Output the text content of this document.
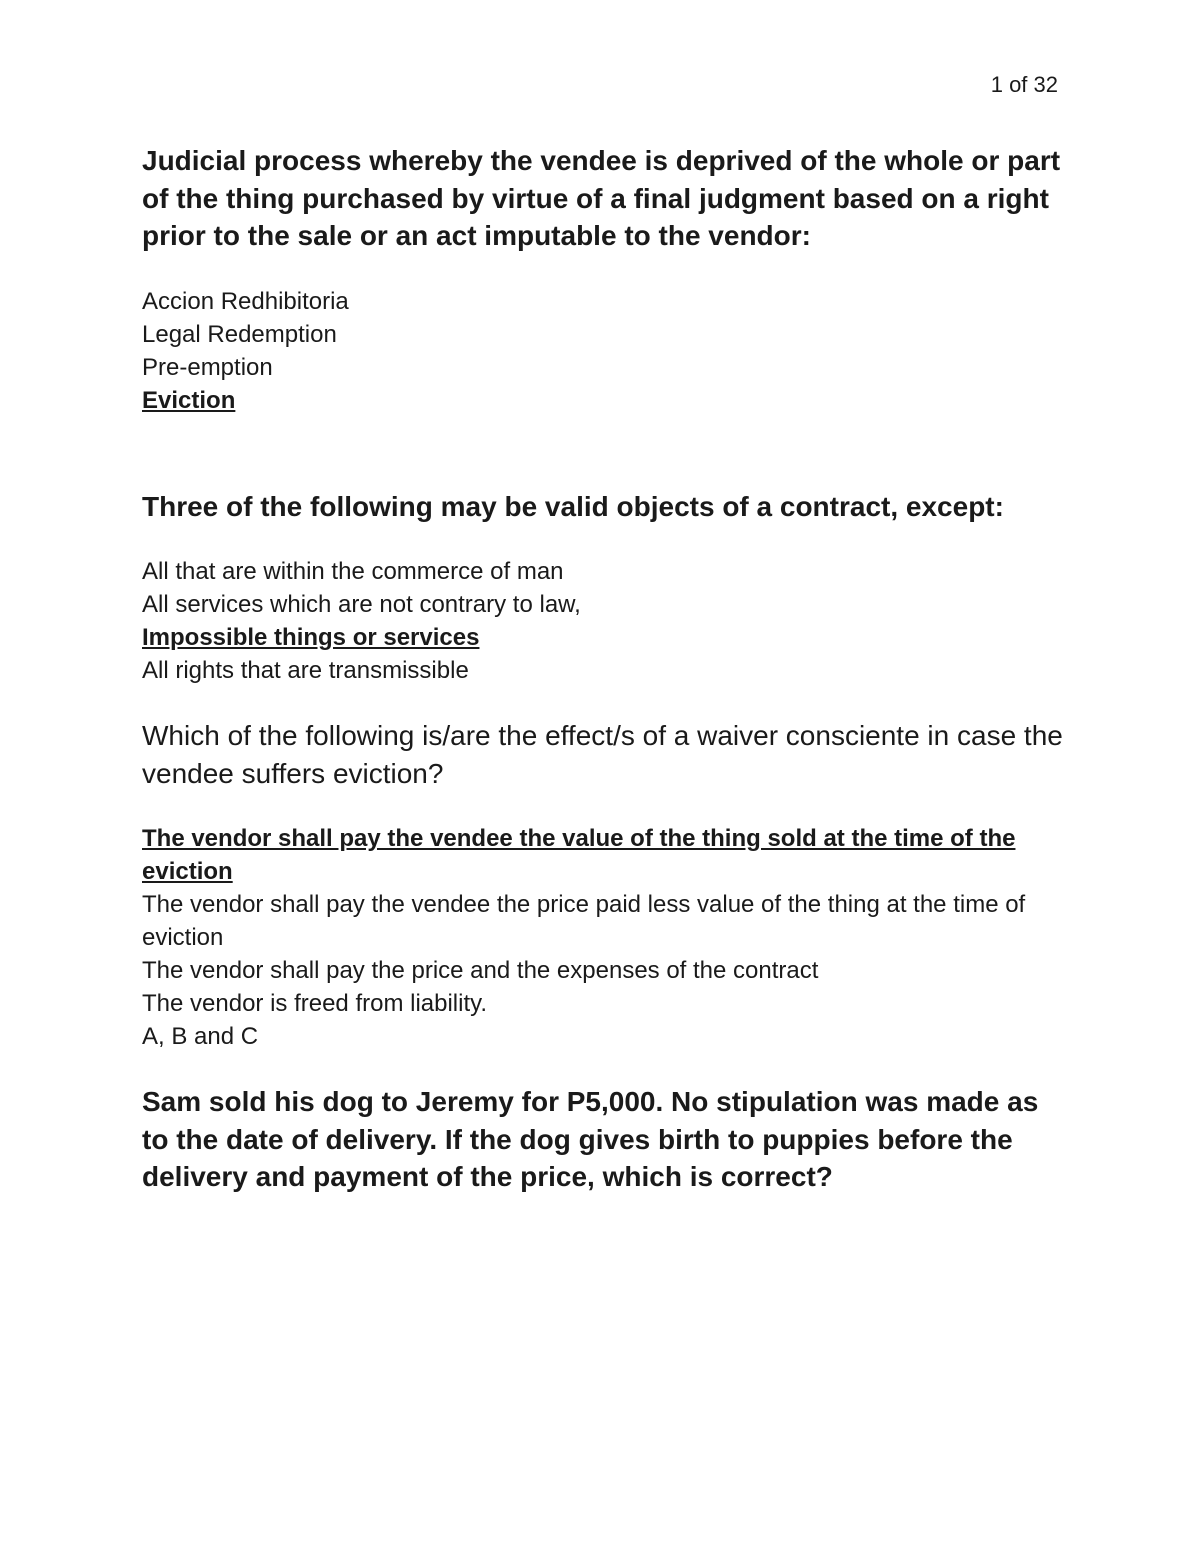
1 of 32

Judicial process whereby the vendee is deprived of the whole or part of the thing purchased by virtue of a final judgment based on a right prior to the sale or an act imputable to the vendor:

Accion Redhibitoria
Legal Redemption
Pre-emption
Eviction

Three of the following may be valid objects of a contract, except:

All that are within the commerce of man
All services which are not contrary to law,
Impossible things or services
All rights that are transmissible

Which of the following is/are the effect/s of a waiver consciente in case the vendee suffers eviction?

The vendor shall pay the vendee the value of the thing sold at the time of the eviction
The vendor shall pay the vendee the price paid less value of the thing at the time of eviction
The vendor shall pay the price and the expenses of the contract
The vendor is freed from liability.
A, B and C

Sam sold his dog to Jeremy for P5,000. No stipulation was made as to the date of delivery. If the dog gives birth to puppies before the delivery and payment of the price, which is correct?
